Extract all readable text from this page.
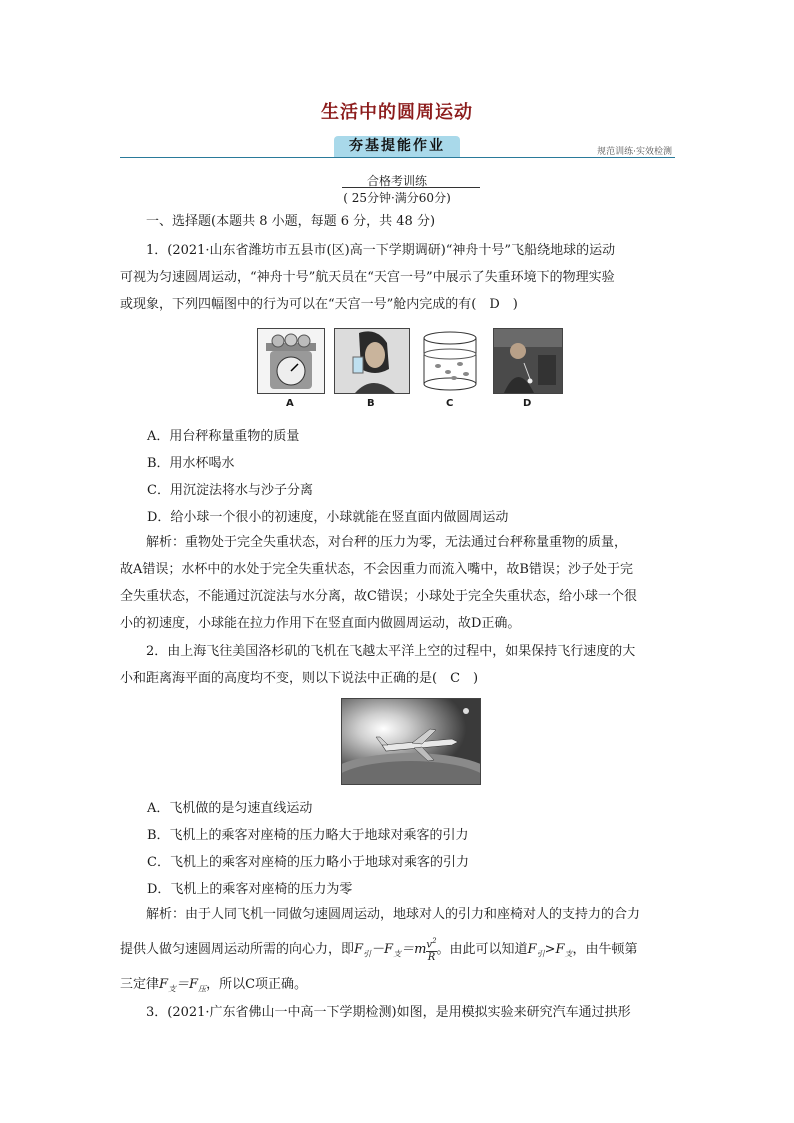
生活中的圆周运动
夯基提能作业	规范训练·实效检测
合格考训练
( 25分钟·满分60分)

一、选择题(本题共 8 小题，每题 6 分，共 48 分)

1．(2021·山东省潍坊市五县市(区)高一下学期调研)“神舟十号”飞船绕地球的运动

可视为匀速圆周运动，“神舟十号”航天员在“天宫一号”中展示了失重环境下的物理实验

或现象，下列四幅图中的行为可以在“天宫一号”舱内完成的有(　D　)

A	B	C	D
A．用台秤称量重物的质量
B．用水杯喝水
C．用沉淀法将水与沙子分离
D．给小球一个很小的初速度，小球就能在竖直面内做圆周运动

解析：重物处于完全失重状态，对台秤的压力为零，无法通过台秤称量重物的质量，

故A错误；水杯中的水处于完全失重状态，不会因重力而流入嘴中，故B错误；沙子处于完

全失重状态，不能通过沉淀法与水分离，故C错误；小球处于完全失重状态，给小球一个很

小的初速度，小球能在拉力作用下在竖直面内做圆周运动，故D正确。

2．由上海飞往美国洛杉矶的飞机在飞越太平洋上空的过程中，如果保持飞行速度的大

小和距离海平面的高度均不变，则以下说法中正确的是(　C　)

A．飞机做的是匀速直线运动
B．飞机上的乘客对座椅的压力略大于地球对乘客的引力
C．飞机上的乘客对座椅的压力略小于地球对乘客的引力
D．飞机上的乘客对座椅的压力为零

解析：由于人同飞机一同做匀速圆周运动，地球对人的引力和座椅对人的支持力的合力

提供人做匀速圆周运动所需的向心力，即$F_引-F_支=m \frac{v^2}{R}$ 。由此可以知道$F_引>F_支$，由牛顿第

三定律$F_支=F_压$，所以C项正确。

3．(2021·广东省佛山一中高一下学期检测)如图，是用模拟实验来研究汽车通过拱形
